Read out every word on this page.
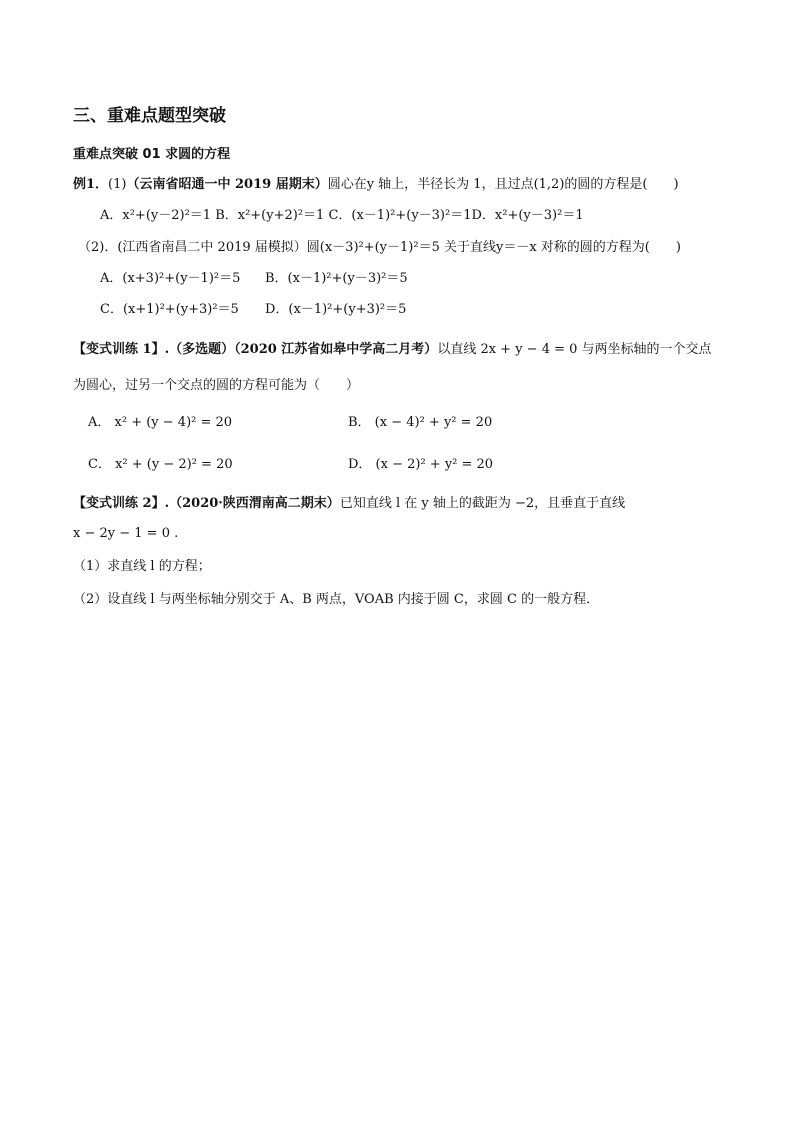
三、重难点题型突破
重难点突破 01 求圆的方程
例1．(1)（云南省昭通一中 2019 届期末）圆心在y 轴上，半径长为 1，且过点(1,2)的圆的方程是(　　)
A．x²+(y－2)²＝1 B．x²+(y+2)²＝1 C．(x－1)²+(y－3)²＝1D．x²+(y－3)²＝1
（2)．(江西省南昌二中 2019 届模拟）圆(x－3)²+(y－1)²＝5 关于直线y＝－x 对称的圆的方程为(　　)
A．(x+3)²+(y－1)²＝5 B．(x－1)²+(y－3)²＝5
C．(x+1)²+(y+3)²＝5 D．(x－1)²+(y+3)²＝5
【变式训练 1】.（多选题）（2020 江苏省如皋中学高二月考）以直线 2x + y − 4 = 0 与两坐标轴的一个交点
为圆心，过另一个交点的圆的方程可能为（　　）
A． x² + (y − 4)² = 20	B． (x − 4)² + y² = 20
C． x² + (y − 2)² = 20	D． (x − 2)² + y² = 20
【变式训练 2】.（2020·陕西渭南高二期末）已知直线 l 在 y 轴上的截距为 −2，且垂直于直线
x − 2y − 1 = 0 .
（1）求直线 l 的方程；
（2）设直线 l 与两坐标轴分别交于 A、B 两点，VOAB 内接于圆 C，求圆 C 的一般方程．
